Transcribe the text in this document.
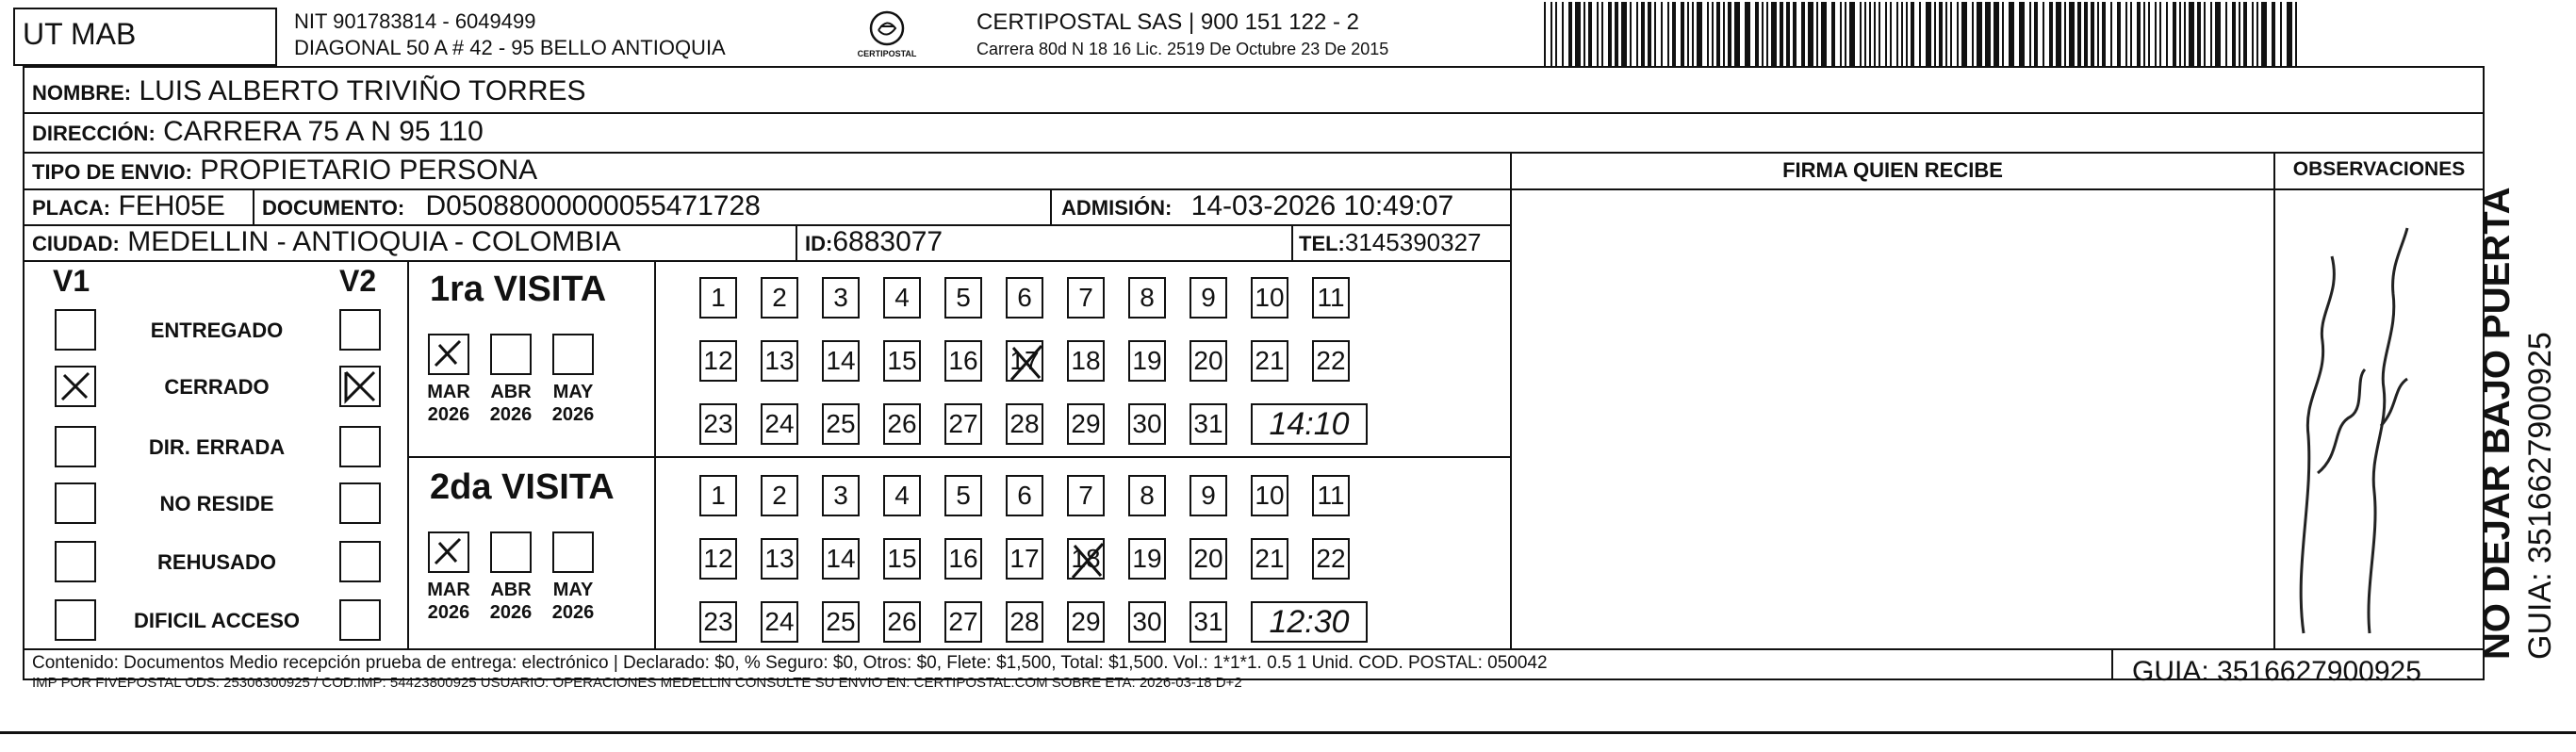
UT MAB	NIT 901783814 - 6049499
DIAGONAL 50 A # 42 - 95 BELLO ANTIOQUIA	CERTIPOSTAL
CERTIPOSTAL SAS | 900 151 122 - 2
Carrera 80d N 18 16 Lic. 2519 De Octubre 23 De 2015
NOMBRE: LUIS ALBERTO TRIVIÑO TORRES
DIRECCIÓN: CARRERA 75 A N 95 110
TIPO DE ENVIO: PROPIETARIO PERSONA
PLACA: FEH05E DOCUMENTO: D05088000000055471728	ADMISIÓN: 14-03-2026 10:49:07
CIUDAD: MEDELLIN - ANTIOQUIA - COLOMBIA	ID:6883077	TEL:3145390327
FIRMA QUIEN RECIBE	OBSERVACIONES
NO DEJAR BAJO PUERTA GUIA: 3516627900925
V1	V2
ENTREGADO
CERRADO
DIR. ERRADA
NO RESIDE
REHUSADO
DIFICIL ACCESO
1ra VISITA
2da VISITA
MAR
2026
ABR
2026
MAY
2026
1	2	3	4	5	6	7	8	9	10 11
12 13 14 15 16 17 18 19 20 21 22
23 24 25 26 27 28 29 30 31	14:10
MAR
2026
ABR
2026
MAY
2026
1	2	3	4	5	6	7	8	9	10 11
12 13 14 15 16 17 18 19 20 21 22
23 24 25 26 27 28 29 30 31	12:30
Contenido: Documentos Medio recepción prueba de entrega: electrónico | Declarado: $0, % Seguro: $0, Otros: $0, Flete: $1,500, Total: $1,500. Vol.: 1*1*1. 0.5 1 Unid. COD. POSTAL: 050042
IMP POR FIVEPOSTAL ODS: 25306300925 / COD.IMP: 54423800925 USUARIO: OPERACIONES MEDELLIN CONSULTE SU ENVIO EN: CERTIPOSTAL.COM SOBRE ETA: 2026-03-18 D+2	GUIA: 3516627900925
